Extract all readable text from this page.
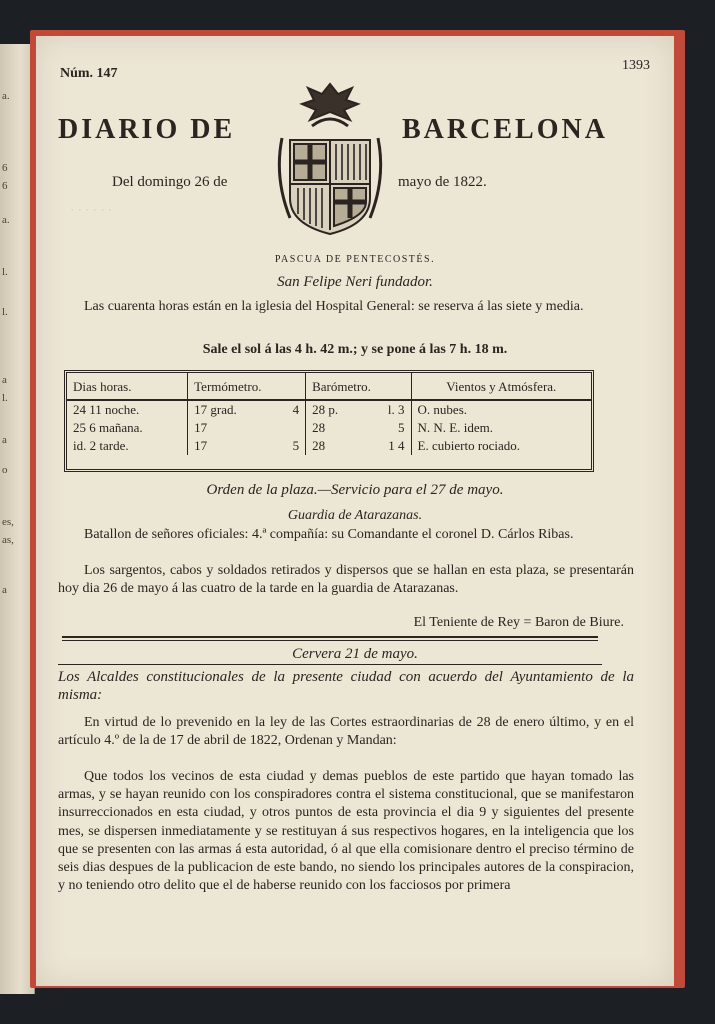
a.
6
6
a.
l.
l.
a
l.
a
o
es,
as,
a
Núm. 147
1393
DIARIO DE	BARCELONA
Del domingo 26 de	mayo de 1822.
· · · · · ·
PASCUA DE PENTECOSTÉS.
San Felipe Neri fundador.
Las cuarenta horas están en la iglesia del Hospital General: se reserva á las siete y media.
Sale el sol á las 4 h. 42 m.; y se pone á las 7 h. 18 m.
Dias horas.	Termómetro.	Barómetro.	Vientos y Atmósfera.
24 11 noche.	17 grad. 4	28 p. l. 3	O. nubes.
25 6 mañana.	17	28 5	N. N. E. idem.
id. 2 tarde.	17 5	28 1 4	E. cubierto rociado.
Orden de la plaza.—Servicio para el 27 de mayo.
Guardia de Atarazanas.
Batallon de señores oficiales: 4.ª compañía: su Comandante el coronel D. Cárlos Ribas.
Los sargentos, cabos y soldados retirados y dispersos que se hallan en esta plaza, se presentarán hoy dia 26 de mayo á las cuatro de la tarde en la guardia de Atarazanas.
El Teniente de Rey = Baron de Biure.
Cervera 21 de mayo.
Los Alcaldes constitucionales de la presente ciudad con acuerdo del Ayuntamiento de la misma:
En virtud de lo prevenido en la ley de las Cortes estraordinarias de 28 de enero último, y en el artículo 4.º de la de 17 de abril de 1822, Ordenan y Mandan:
Que todos los vecinos de esta ciudad y demas pueblos de este partido que hayan tomado las armas, y se hayan reunido con los conspiradores contra el sistema constitucional, que se manifestaron insurreccionados en esta ciudad, y otros puntos de esta provincia el dia 9 y siguientes del presente mes, se dispersen inmediatamente y se restituyan á sus respectivos hogares, en la inteligencia que los que se presenten con las armas á esta autoridad, ó al que ella comisionare dentro el preciso término de seis dias despues de la publicacion de este bando, no siendo los principales autores de la conspiracion, y no teniendo otro delito que el de haberse reunido con los facciosos por primera
